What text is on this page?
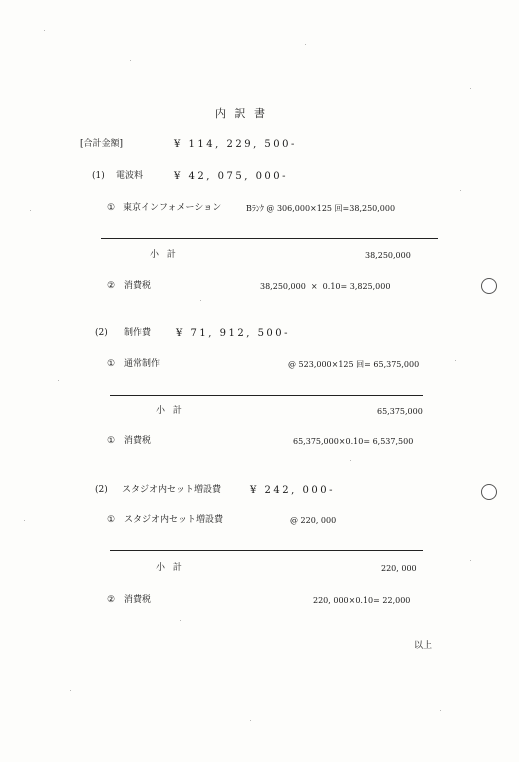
内 訳 書
[合計金額]	¥ 114, 229, 500-
(1) 電波料	¥ 42, 075, 000-
① 東京インフォメーション	Bﾗﾝｸ @ 306,000×125 回=38,250,000
小 計	38,250,000
② 消費税	38,250,000  ×  0.10= 3,825,000
(2) 制作費 ¥ 71, 912, 500-
① 通常制作	@ 523,000×125 回= 65,375,000
小 計	65,375,000
① 消費税	65,375,000×0.10= 6,537,500
(2) スタジオ内セット増設費	¥ 242, 000-
① スタジオ内セット増設費	@ 220, 000
小 計	220, 000
② 消費税	220, 000×0.10= 22,000
以上
